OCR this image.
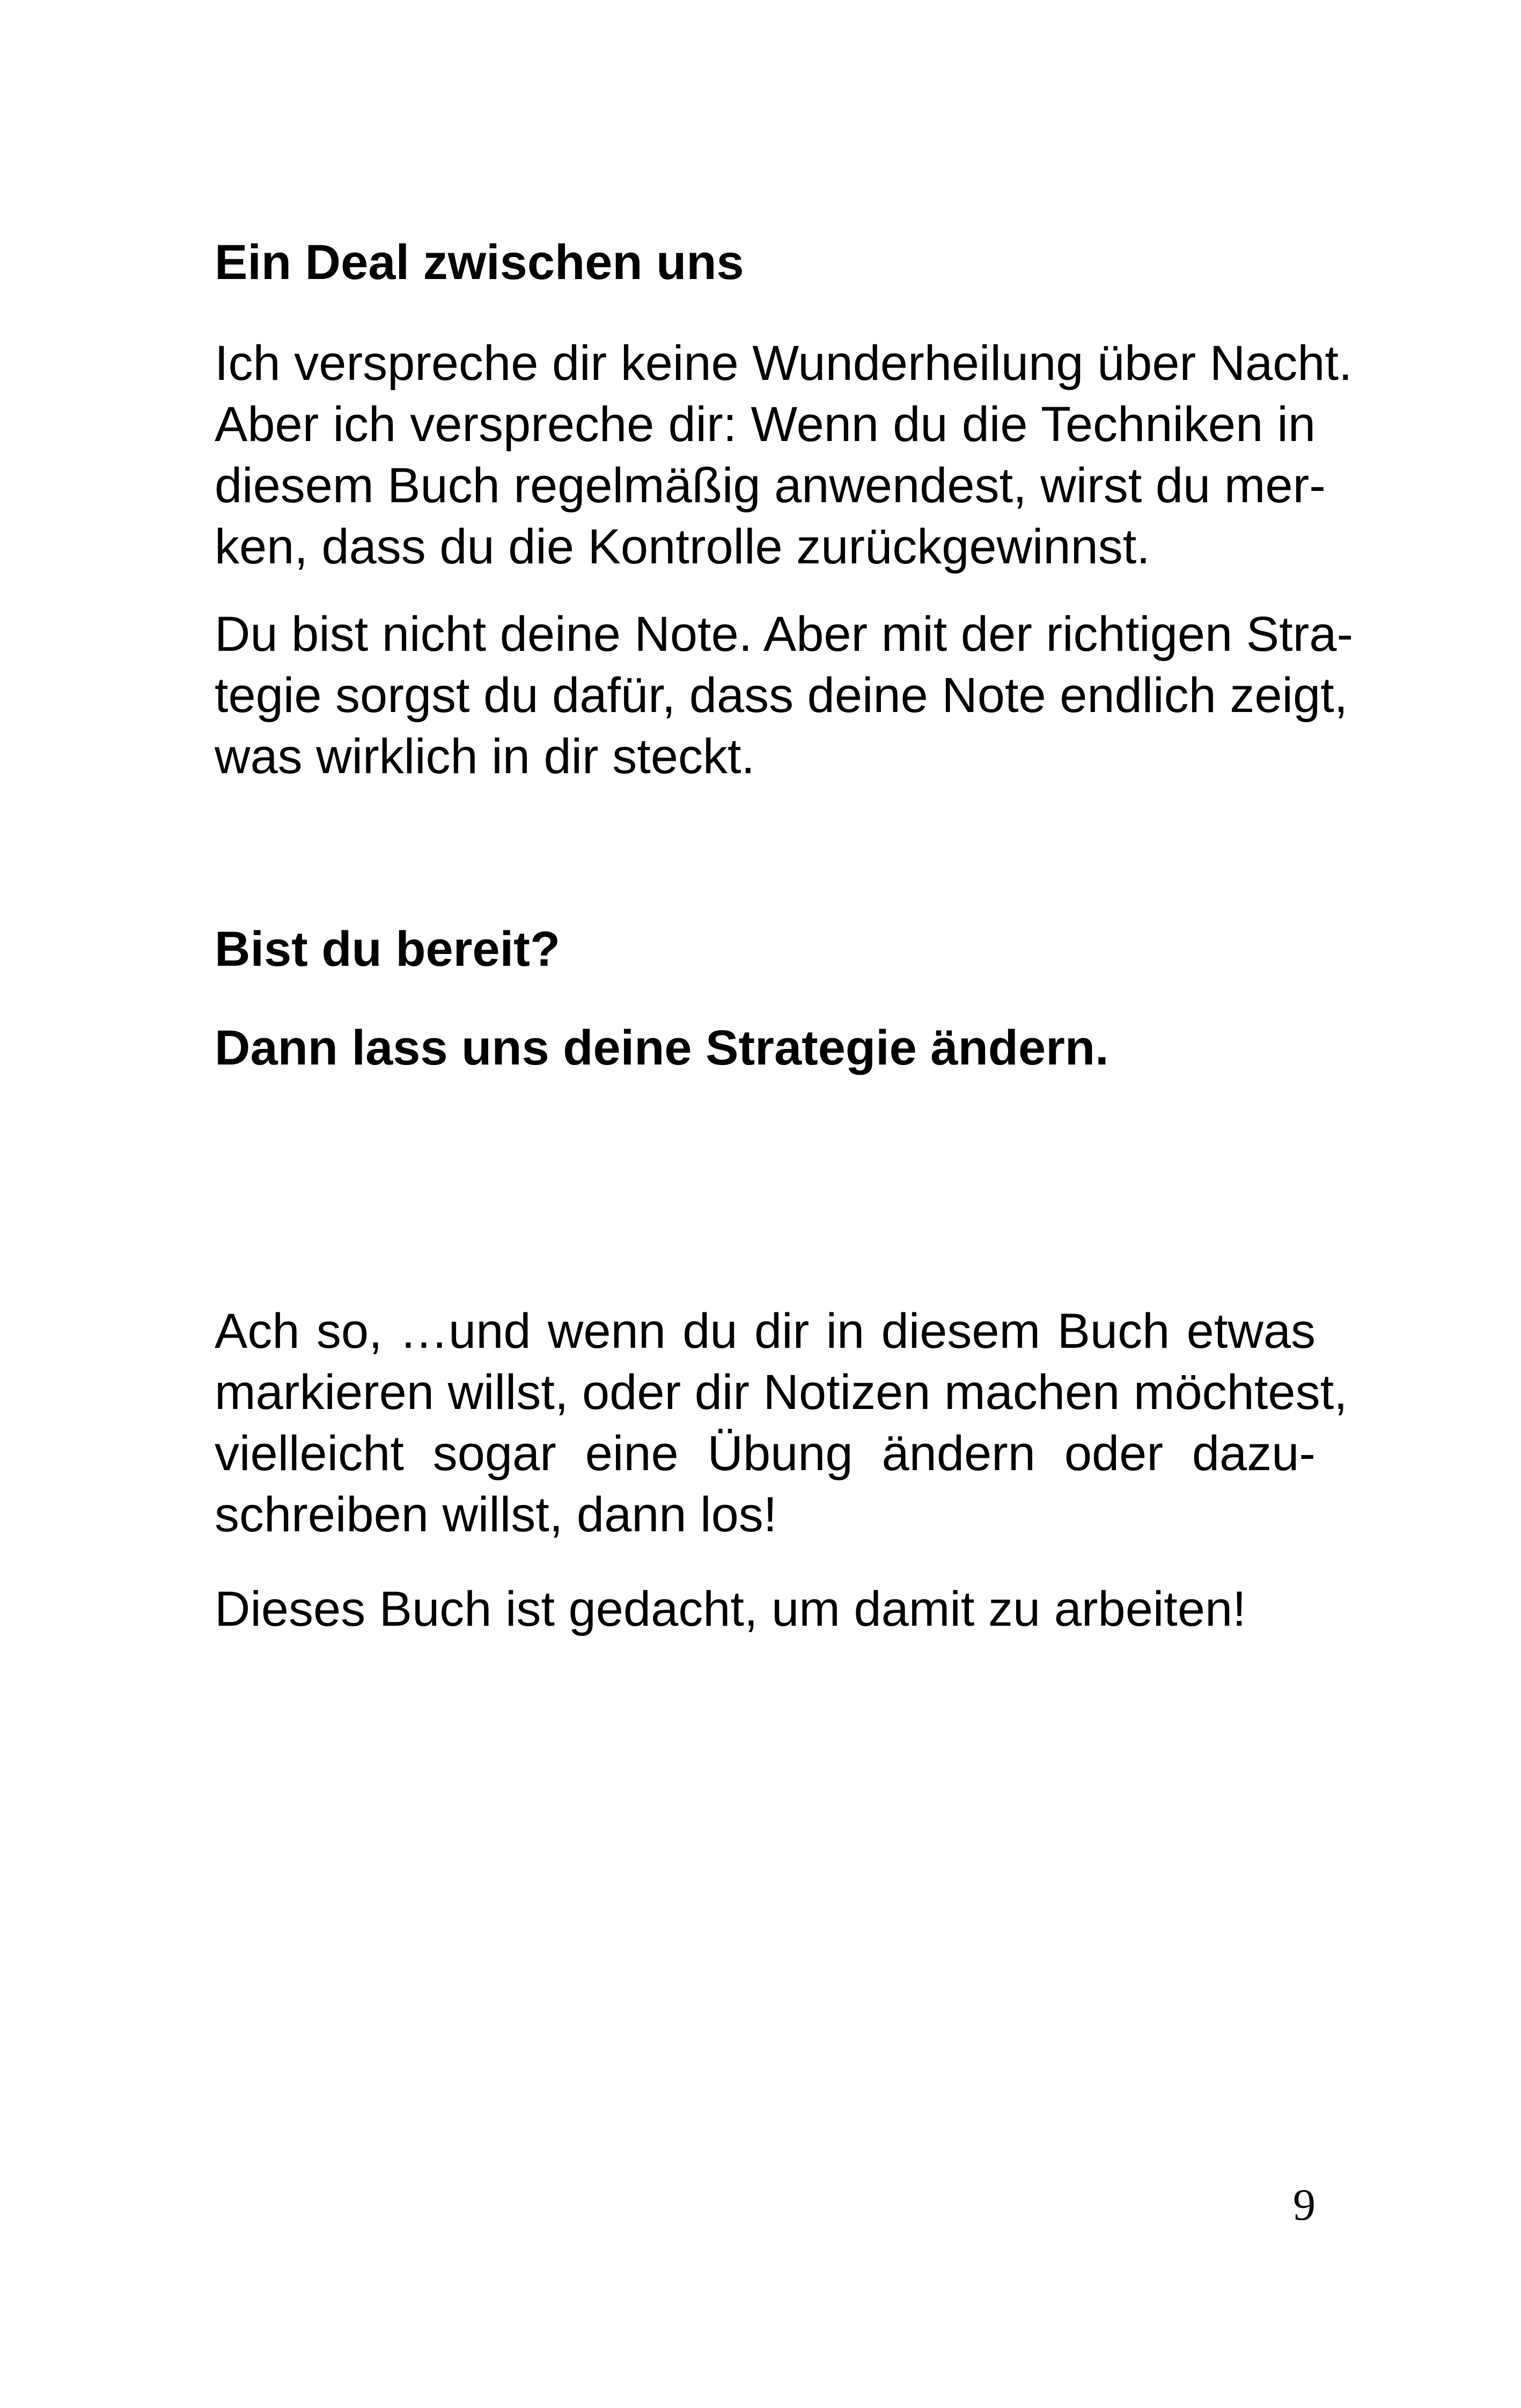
Ein Deal zwischen uns
Ich verspreche dir keine Wunderheilung über Nacht.
Aber ich verspreche dir: Wenn du die Techniken in
diesem Buch regelmäßig anwendest, wirst du mer-
ken, dass du die Kontrolle zurückgewinnst.
Du bist nicht deine Note. Aber mit der richtigen Stra-
tegie sorgst du dafür, dass deine Note endlich zeigt,
was wirklich in dir steckt.
Bist du bereit?
Dann lass uns deine Strategie ändern.
Ach so, …und wenn du dir in diesem Buch etwas
markieren willst, oder dir Notizen machen möchtest,
vielleicht sogar eine Übung ändern oder dazu-
schreiben willst, dann los!
Dieses Buch ist gedacht, um damit zu arbeiten!
9
